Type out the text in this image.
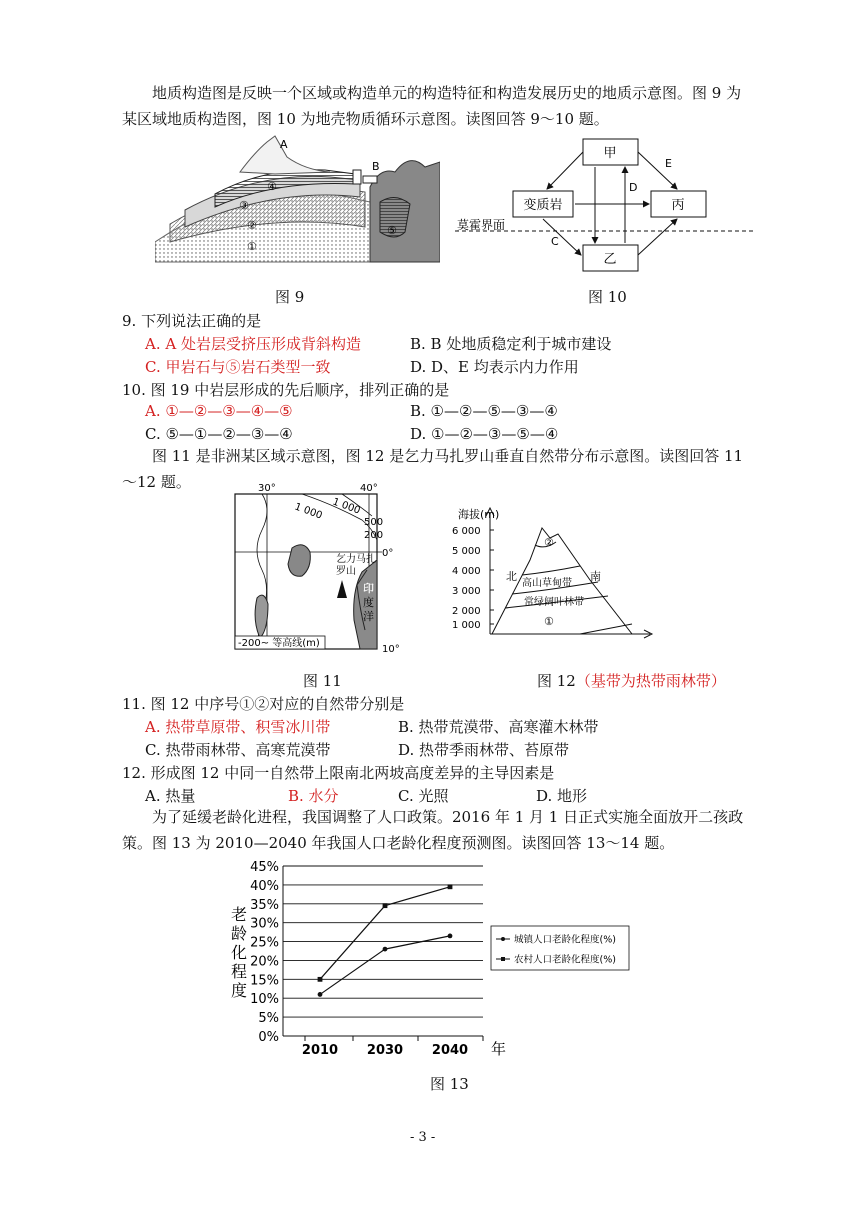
地质构造图是反映一个区域或构造单元的构造特征和构造发展历史的地质示意图。图 9 为某区域地质构造图，图 10 为地壳物质循环示意图。读图回答 9～10 题。
A
B
④
③
②
①
⑤
图 9
甲
变质岩	丙
乙
莫霍界面
C
D
E
图 10
9. 下列说法正确的是
A. A 处岩层受挤压形成背斜构造	B. B 处地质稳定利于城市建设
C. 甲岩石与⑤岩石类型一致	D. D、E 均表示内力作用
10. 图 19 中岩层形成的先后顺序，排列正确的是
A. ①—②—③—④—⑤	B. ①—②—⑤—③—④
C. ⑤—①—②—③—④	D. ①—②—③—⑤—④
图 11 是非洲某区域示意图，图 12 是乞力马扎罗山垂直自然带分布示意图。读图回答 11～12 题。	30°	40°
0°
10°
1 000 1 000
500
200
乞力马扎
罗山
印
度
洋
-200~ 等高线(m)
图 11
海拔(m)
6 000
5 000
4 000
3 000
2 000
1 000
北	南
高山草甸带
常绿阔叶林带
②
①
图 12（基带为热带雨林带）
11. 图 12 中序号①②对应的自然带分别是
A. 热带草原带、积雪冰川带	B. 热带荒漠带、高寒灌木林带
C. 热带雨林带、高寒荒漠带	D. 热带季雨林带、苔原带
12. 形成图 12 中同一自然带上限南北两坡高度差异的主导因素是
A. 热量	B. 水分	C. 光照	D. 地形
为了延缓老龄化进程，我国调整了人口政策。2016 年 1 月 1 日正式实施全面放开二孩政策。图 13 为 2010—2040 年我国人口老龄化程度预测图。读图回答 13～14 题。
0%
5%
10%
15%
20%
25%
30%
35%
40%
45%
2010 2030 2040 年
老
龄
化
程
度
城镇人口老龄化程度(%)
农村人口老龄化程度(%)
图 13
- 3 -
